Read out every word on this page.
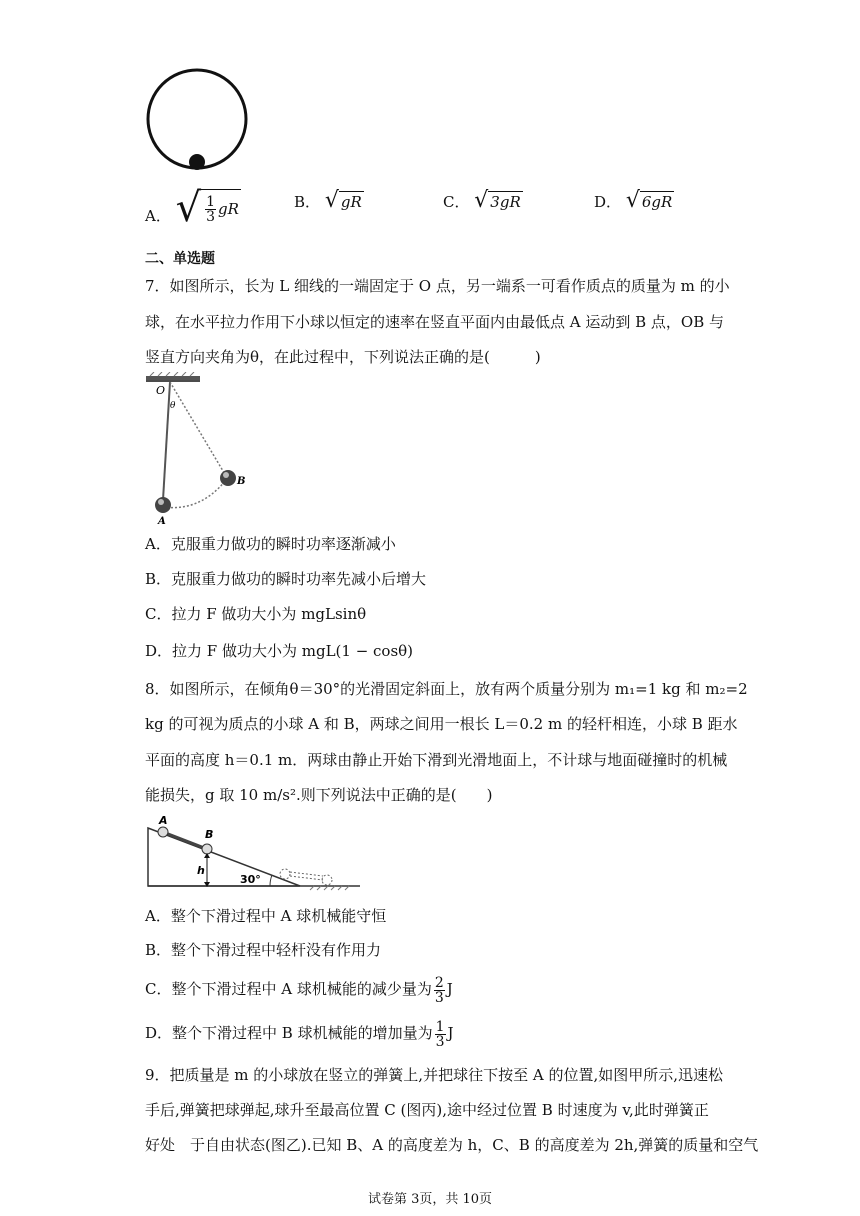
A． √ $\frac{1}{3}$ gR	B． √ gR	C． √ 3gR	D． √ 6gR
二、单选题
7．如图所示，长为 L 细线的一端固定于 O 点，另一端系一可看作质点的质量为 m 的小
球，在水平拉力作用下小球以恒定的速率在竖直平面内由最低点 A 运动到 B 点，OB 与
竖直方向夹角为θ，在此过程中，下列说法正确的是(　　　)
O
θ
B
A
A．克服重力做功的瞬时功率逐渐减小
B．克服重力做功的瞬时功率先减小后增大
C．拉力 F 做功大小为 mgLsinθ
D．拉力 F 做功大小为 mgL(1 − cosθ)
8．如图所示，在倾角θ＝30°的光滑固定斜面上，放有两个质量分别为 m₁=1 kg 和 m₂=2
kg 的可视为质点的小球 A 和 B，两球之间用一根长 L＝0.2 m 的轻杆相连，小球 B 距水
平面的高度 h＝0.1 m．两球由静止开始下滑到光滑地面上，不计球与地面碰撞时的机械
能损失，g 取 10 m/s².则下列说法中正确的是(　　)
A
B
h
30°
A．整个下滑过程中 A 球机械能守恒
B．整个下滑过程中轻杆没有作用力
C．整个下滑过程中 A 球机械能的减少量为 $\frac{2}{3}$ J
D．整个下滑过程中 B 球机械能的增加量为 $\frac{1}{3}$ J
9．把质量是 m 的小球放在竖立的弹簧上,并把球往下按至 A 的位置,如图甲所示,迅速松
手后,弹簧把球弹起,球升至最高位置 C (图丙),途中经过位置 B 时速度为 v,此时弹簧正
好处　于自由状态(图乙).已知 B、A 的高度差为 h，C、B 的高度差为 2h,弹簧的质量和空气
试卷第 3页，共 10页
